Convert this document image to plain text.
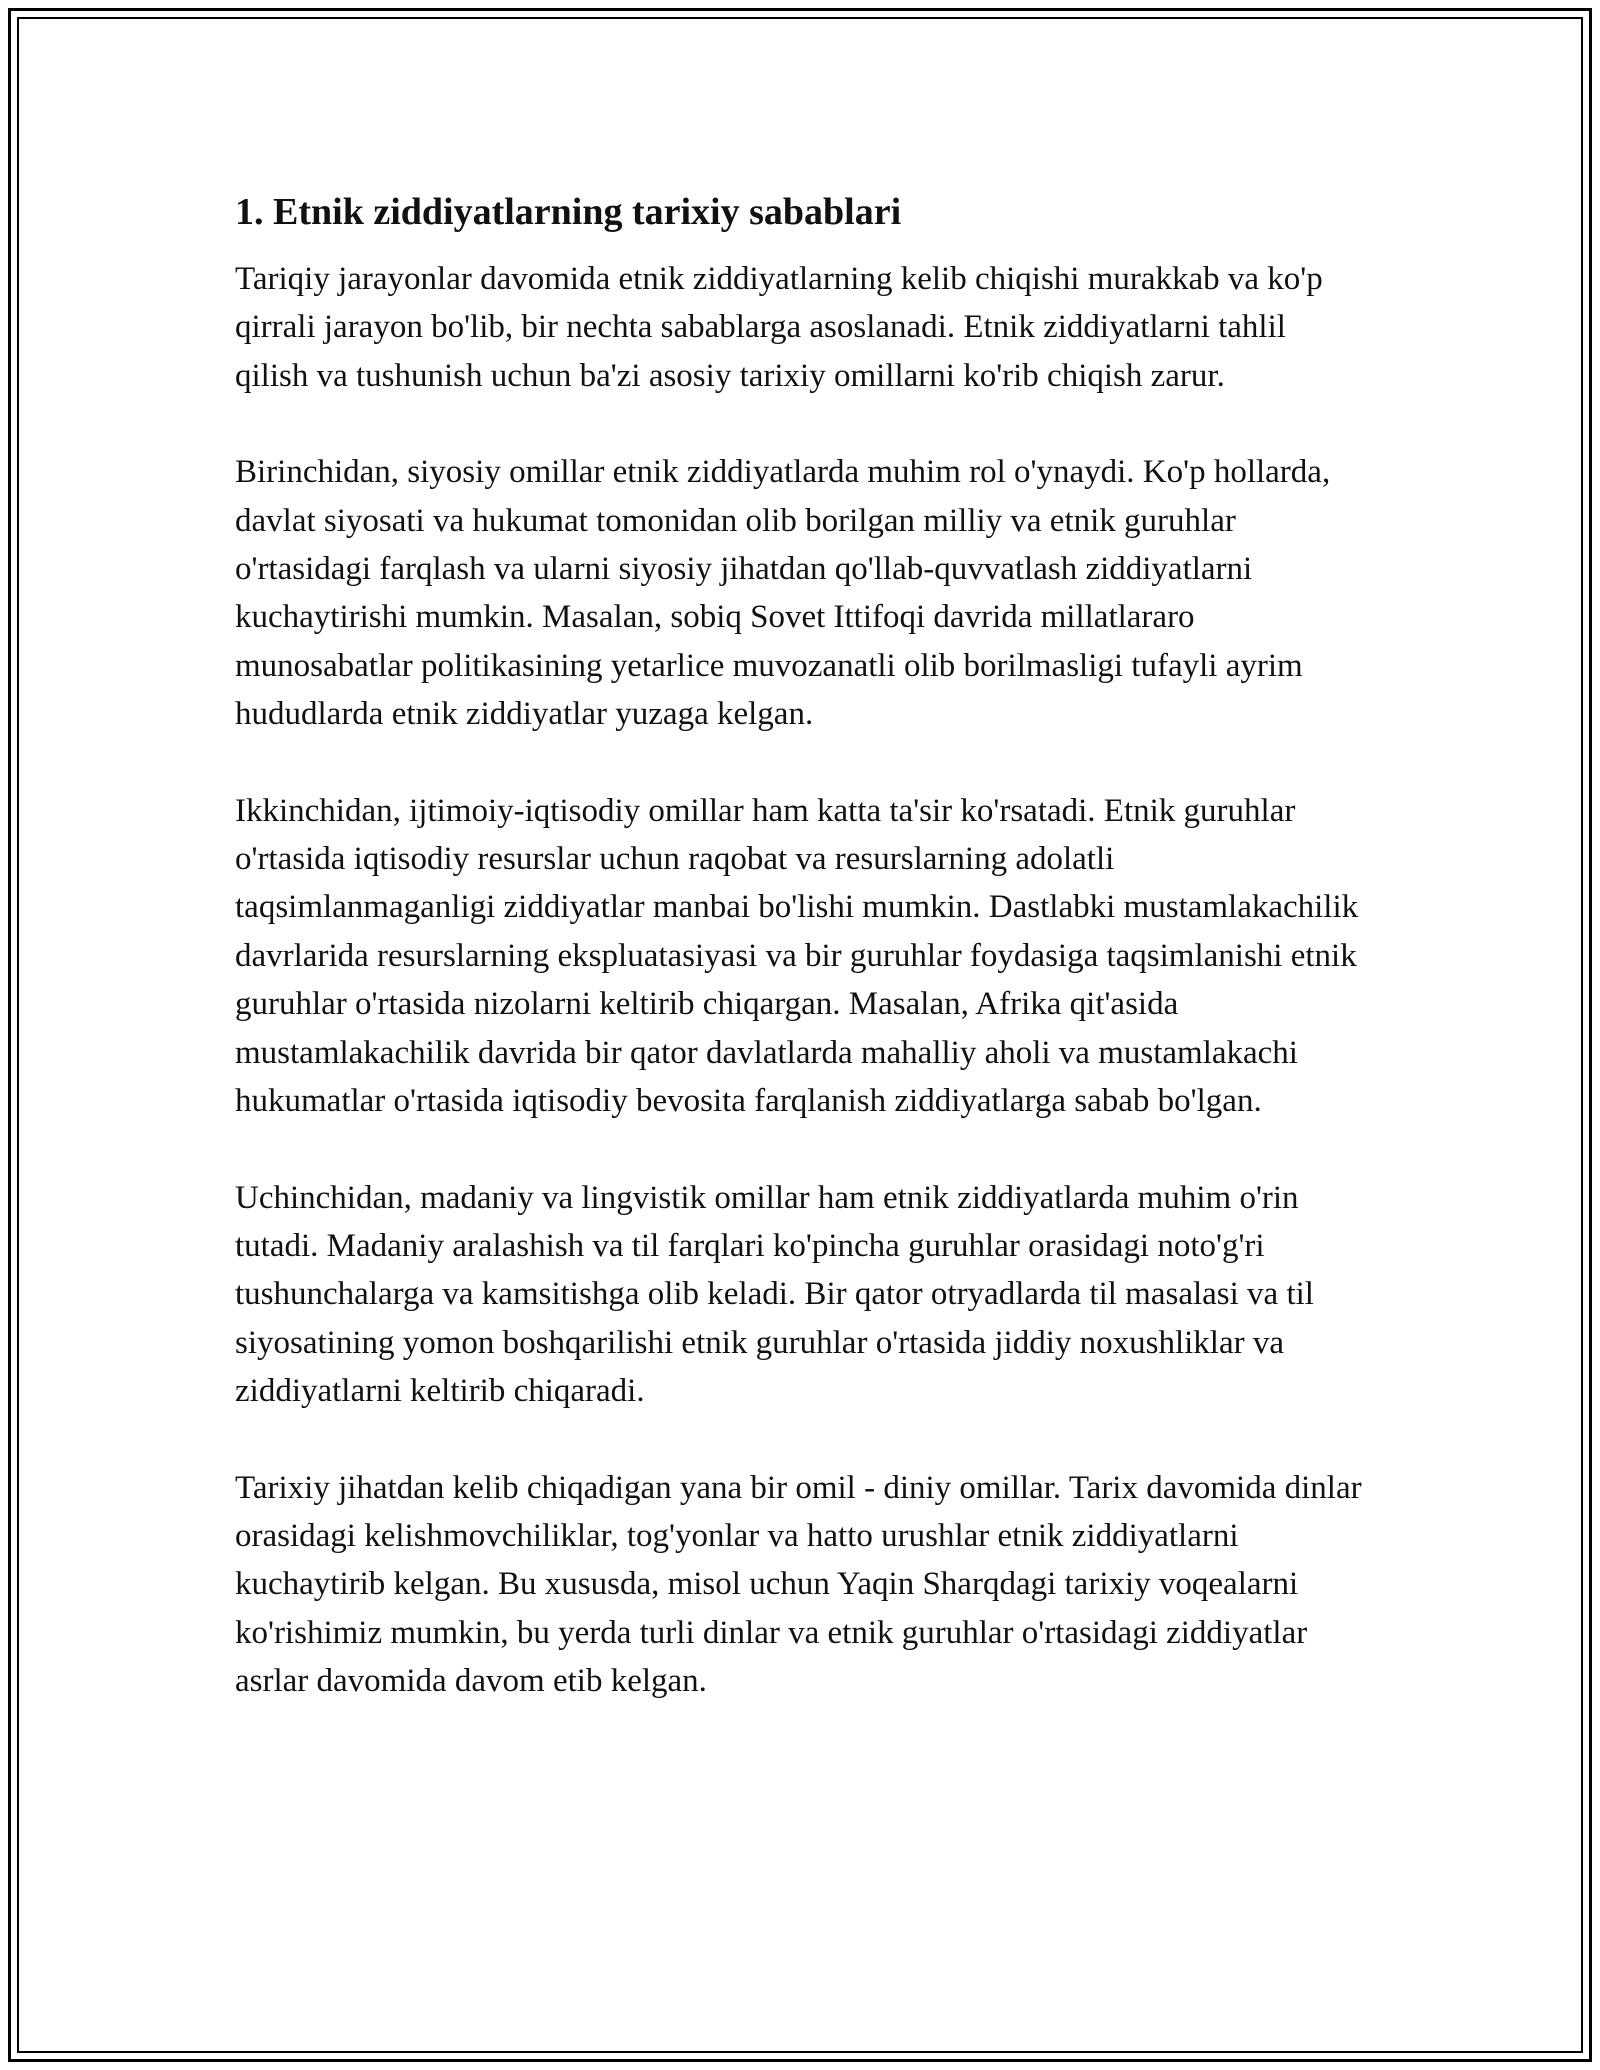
1. Etnik ziddiyatlarning tarixiy sabablari

Tariqiy jarayonlar davomida etnik ziddiyatlarning kelib chiqishi murakkab va ko'p qirrali jarayon bo'lib, bir nechta sabablarga asoslanadi. Etnik ziddiyatlarni tahlil qilish va tushunish uchun ba'zi asosiy tarixiy omillarni ko'rib chiqish zarur.

Birinchidan, siyosiy omillar etnik ziddiyatlarda muhim rol o'ynaydi. Ko'p hollarda, davlat siyosati va hukumat tomonidan olib borilgan milliy va etnik guruhlar o'rtasidagi farqlash va ularni siyosiy jihatdan qo'llab-quvvatlash ziddiyatlarni kuchaytirishi mumkin. Masalan, sobiq Sovet Ittifoqi davrida millatlararo munosabatlar politikasining yetarlice muvozanatli olib borilmasligi tufayli ayrim hududlarda etnik ziddiyatlar yuzaga kelgan.

Ikkinchidan, ijtimoiy-iqtisodiy omillar ham katta ta'sir ko'rsatadi. Etnik guruhlar o'rtasida iqtisodiy resurslar uchun raqobat va resurslarning adolatli taqsimlanmaganligi ziddiyatlar manbai bo'lishi mumkin. Dastlabki mustamlakachilik davrlarida resurslarning ekspluatasiyasi va bir guruhlar foydasiga taqsimlanishi etnik guruhlar o'rtasida nizolarni keltirib chiqargan. Masalan, Afrika qit'asida mustamlakachilik davrida bir qator davlatlarda mahalliy aholi va mustamlakachi hukumatlar o'rtasida iqtisodiy bevosita farqlanish ziddiyatlarga sabab bo'lgan.

Uchinchidan, madaniy va lingvistik omillar ham etnik ziddiyatlarda muhim o'rin tutadi. Madaniy aralashish va til farqlari ko'pincha guruhlar orasidagi noto'g'ri tushunchalarga va kamsitishga olib keladi. Bir qator otryadlarda til masalasi va til siyosatining yomon boshqarilishi etnik guruhlar o'rtasida jiddiy noxushliklar va ziddiyatlarni keltirib chiqaradi.

Tarixiy jihatdan kelib chiqadigan yana bir omil - diniy omillar. Tarix davomida dinlar orasidagi kelishmovchiliklar, tog'yonlar va hatto urushlar etnik ziddiyatlarni kuchaytirib kelgan. Bu xususda, misol uchun Yaqin Sharqdagi tarixiy voqealarni ko'rishimiz mumkin, bu yerda turli dinlar va etnik guruhlar o'rtasidagi ziddiyatlar asrlar davomida davom etib kelgan.
